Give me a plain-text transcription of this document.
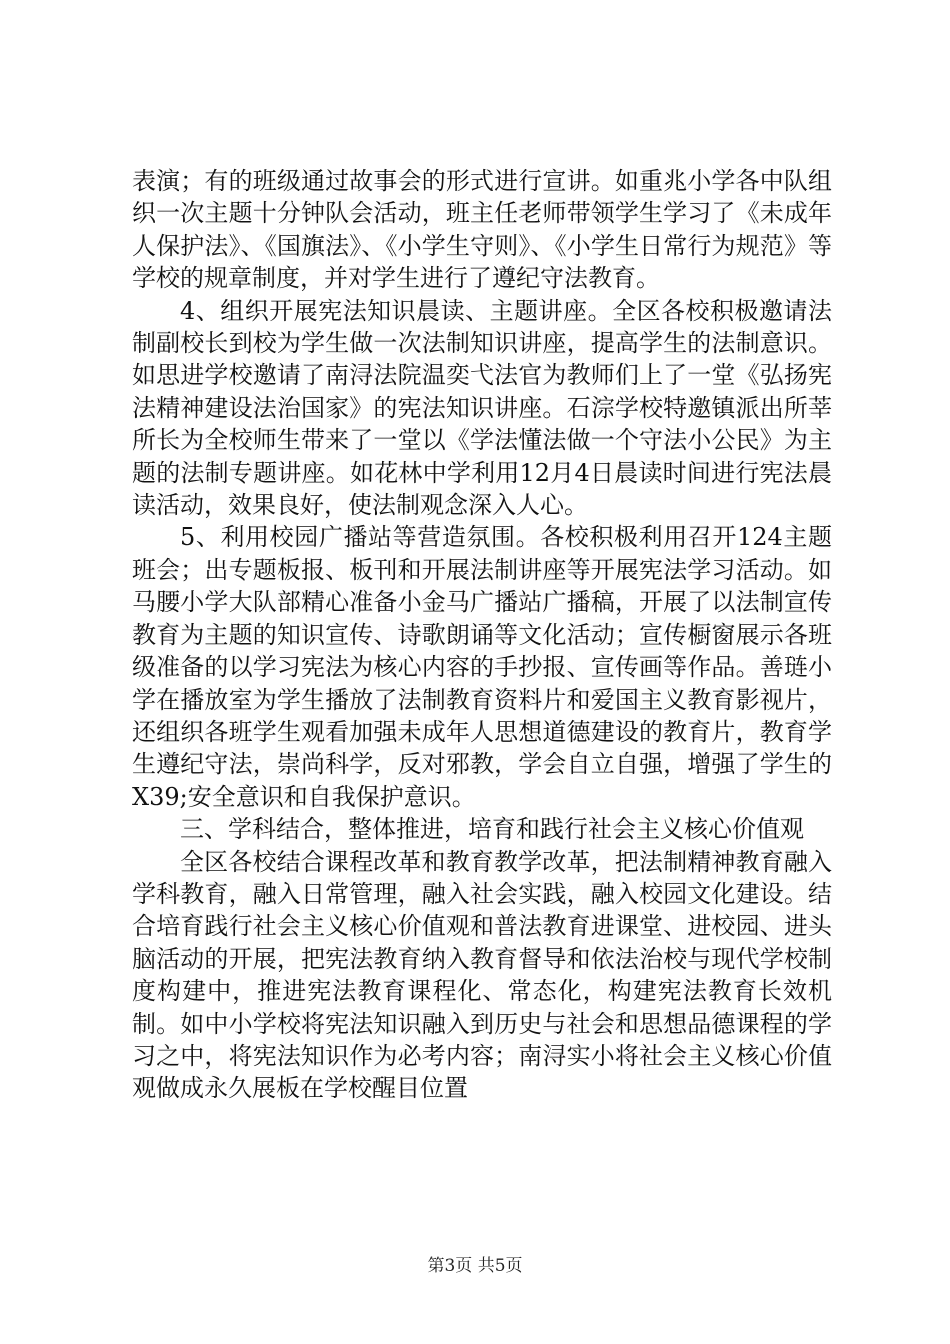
表演；有的班级通过故事会的形式进行宣讲。如重兆小学各中队组织一次主题十分钟队会活动，班主任老师带领学生学习了《未成年人保护法》、《国旗法》、《小学生守则》、《小学生日常行为规范》等学校的规章制度，并对学生进行了遵纪守法教育。

4、组织开展宪法知识晨读、主题讲座。全区各校积极邀请法制副校长到校为学生做一次法制知识讲座，提高学生的法制意识。如思进学校邀请了南浔法院温奕弋法官为教师们上了一堂《弘扬宪法精神建设法治国家》的宪法知识讲座。石淙学校特邀镇派出所莘所长为全校师生带来了一堂以《学法懂法做一个守法小公民》为主题的法制专题讲座。如花林中学利用12月4日晨读时间进行宪法晨读活动，效果良好，使法制观念深入人心。

5、利用校园广播站等营造氛围。各校积极利用召开124主题班会；出专题板报、板刊和开展法制讲座等开展宪法学习活动。如马腰小学大队部精心准备小金马广播站广播稿，开展了以法制宣传教育为主题的知识宣传、诗歌朗诵等文化活动；宣传橱窗展示各班级准备的以学习宪法为核心内容的手抄报、宣传画等作品。善琏小学在播放室为学生播放了法制教育资料片和爱国主义教育影视片，还组织各班学生观看加强未成年人思想道德建设的教育片，教育学生遵纪守法，崇尚科学，反对邪教，学会自立自强，增强了学生的X39;安全意识和自我保护意识。

三、学科结合，整体推进，培育和践行社会主义核心价值观

全区各校结合课程改革和教育教学改革，把法制精神教育融入学科教育，融入日常管理，融入社会实践，融入校园文化建设。结合培育践行社会主义核心价值观和普法教育进课堂、进校园、进头脑活动的开展，把宪法教育纳入教育督导和依法治校与现代学校制度构建中，推进宪法教育课程化、常态化，构建宪法教育长效机制。如中小学校将宪法知识融入到历史与社会和思想品德课程的学习之中，将宪法知识作为必考内容；南浔实小将社会主义核心价值观做成永久展板在学校醒目位置

第3页 共5页
